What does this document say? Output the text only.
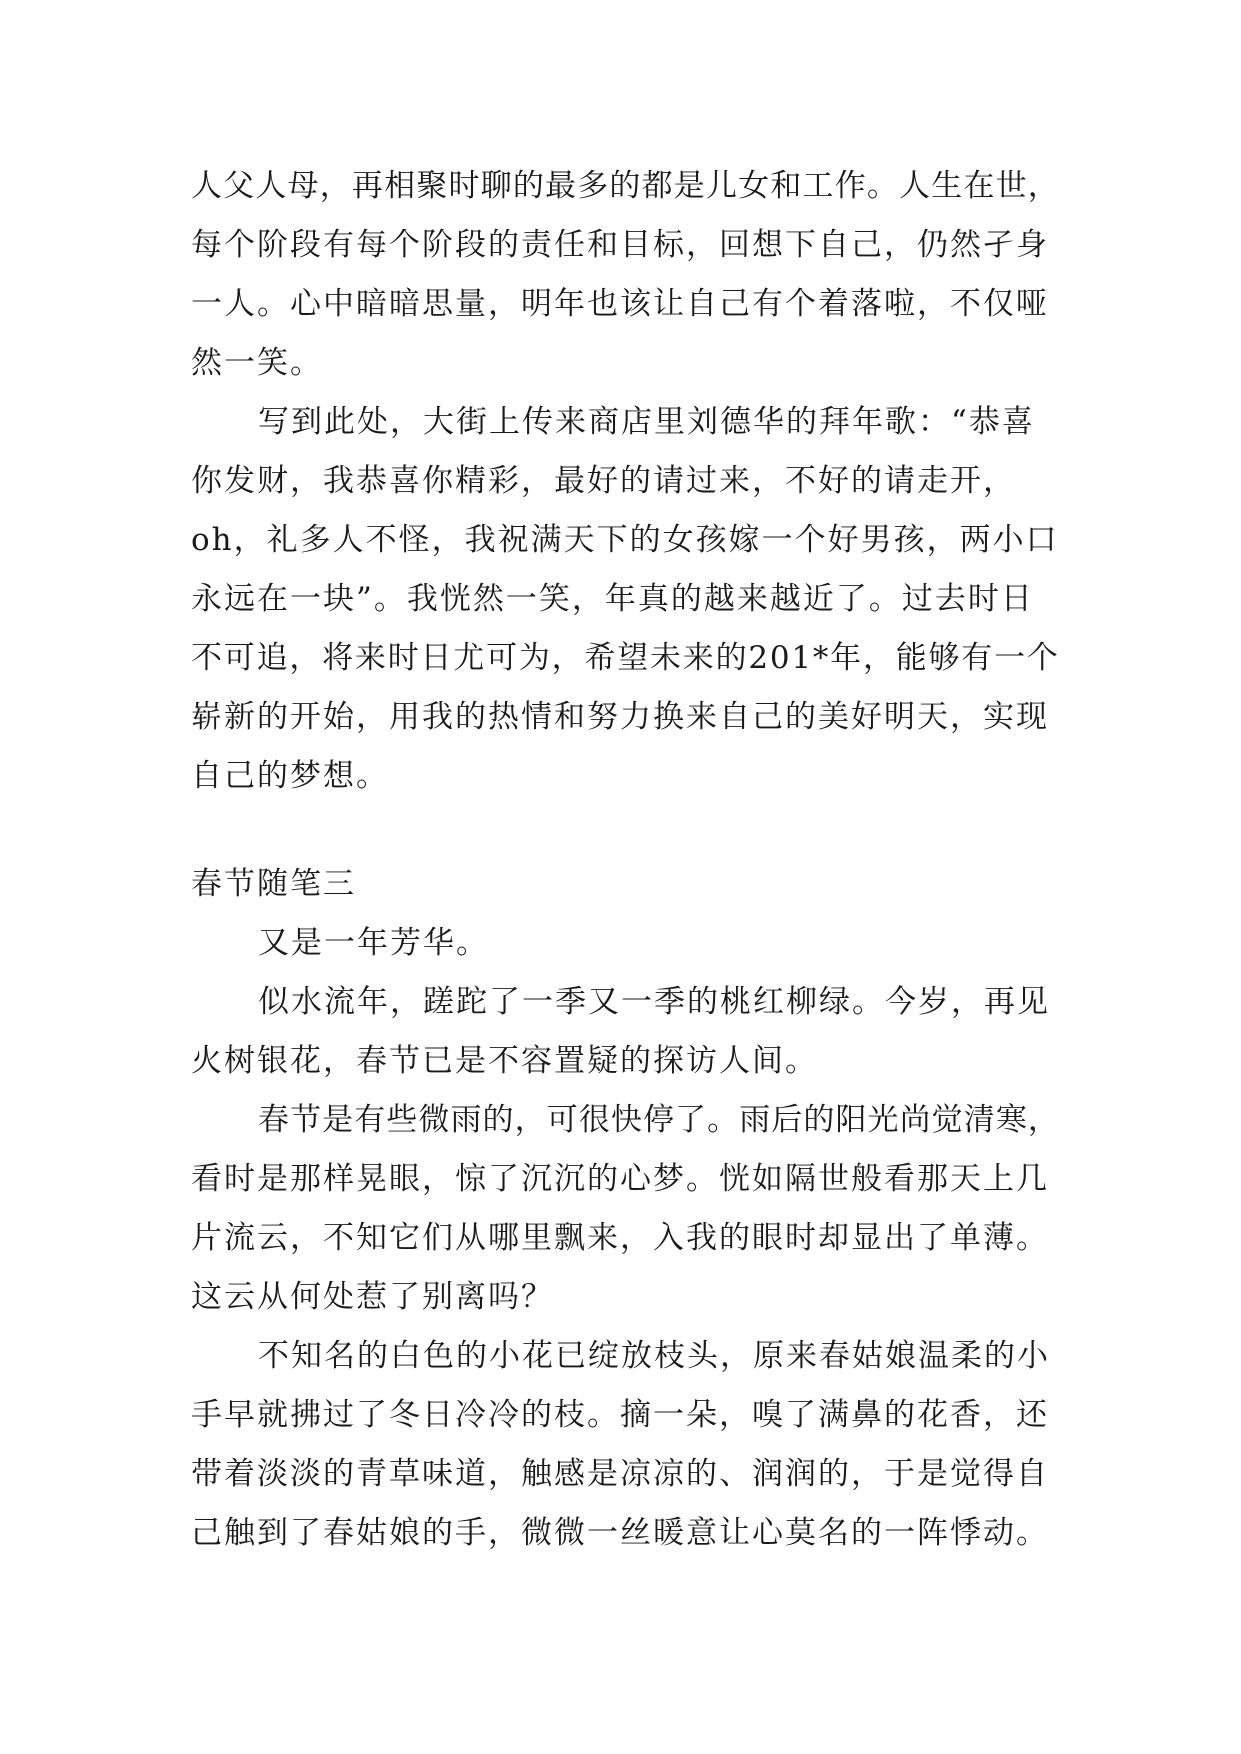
人父人母，再相聚时聊的最多的都是儿女和工作。人生在世，
每个阶段有每个阶段的责任和目标，回想下自己，仍然孑身
一人。心中暗暗思量，明年也该让自己有个着落啦，不仅哑
然一笑。
写到此处，大街上传来商店里刘德华的拜年歌：“恭喜
你发财，我恭喜你精彩，最好的请过来，不好的请走开，
oh，礼多人不怪，我祝满天下的女孩嫁一个好男孩，两小口
永远在一块”。我恍然一笑，年真的越来越近了。过去时日
不可追，将来时日尤可为，希望未来的201*年，能够有一个
崭新的开始，用我的热情和努力换来自己的美好明天，实现
自己的梦想。
春节随笔三
又是一年芳华。
似水流年，蹉跎了一季又一季的桃红柳绿。今岁，再见
火树银花，春节已是不容置疑的探访人间。
春节是有些微雨的，可很快停了。雨后的阳光尚觉清寒，
看时是那样晃眼，惊了沉沉的心梦。恍如隔世般看那天上几
片流云，不知它们从哪里飘来，入我的眼时却显出了单薄。
这云从何处惹了别离吗？
不知名的白色的小花已绽放枝头，原来春姑娘温柔的小
手早就拂过了冬日冷冷的枝。摘一朵，嗅了满鼻的花香，还
带着淡淡的青草味道，触感是凉凉的、润润的，于是觉得自
己触到了春姑娘的手，微微一丝暖意让心莫名的一阵悸动。
